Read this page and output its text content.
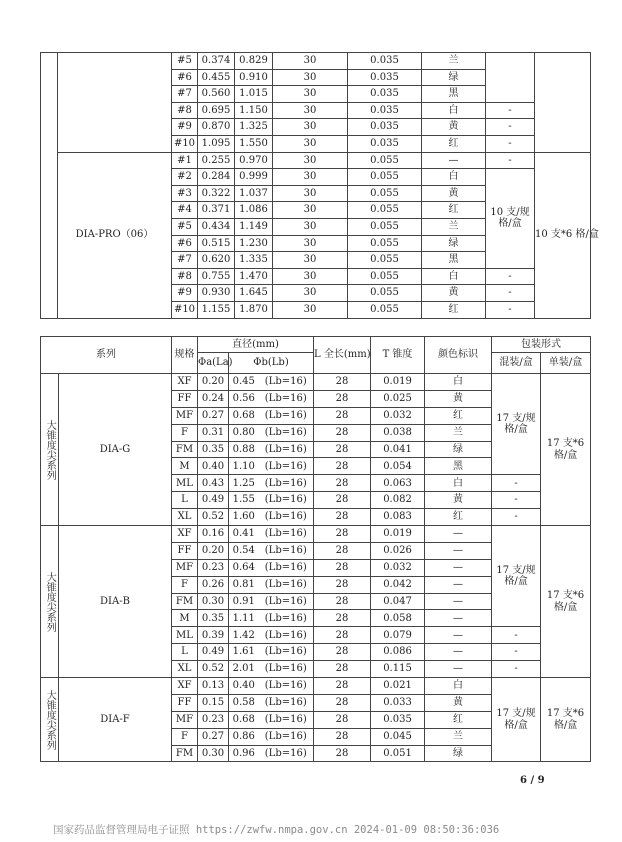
		#5	0.374	0.829	30	0.035	兰		
		#6	0.455	0.910	30	0.035	绿		
		#7	0.560	1.015	30	0.035	黑		
		#8	0.695	1.150	30	0.035	白	-	
		#9	0.870	1.325	30	0.035	黄	-	
		#10	1.095	1.550	30	0.035	红	-	
	DIA-PRO（06）	#1	0.255	0.970	30	0.055	—	-	10 支*6 格/盒
		#2	0.284	0.999	30	0.055	白	10 支/规格/盒	
		#3	0.322	1.037	30	0.055	黄		
		#4	0.371	1.086	30	0.055	红		
		#5	0.434	1.149	30	0.055	兰		
		#6	0.515	1.230	30	0.055	绿		
		#7	0.620	1.335	30	0.055	黑		
		#8	0.755	1.470	30	0.055	白	-	
		#9	0.930	1.645	30	0.055	黄	-	
		#10	1.155	1.870	30	0.055	红	-	
系列		规格	直径(mm)			L 全长(mm)	T 锥度	颜色标识	包装形式	
			Φa(La)	Φb(Lb)					混装/盒	单装/盒
大锥度尖系列	DIA-G	XF	0.20	0.45	(Lb=16)	28	0.019	白	17 支/规格/盒	17 支*6 格/盒
		FF	0.24	0.56	(Lb=16)	28	0.025	黄		
		MF	0.27	0.68	(Lb=16)	28	0.032	红		
		F	0.31	0.80	(Lb=16)	28	0.038	兰		
		FM	0.35	0.88	(Lb=16)	28	0.041	绿		
		M	0.40	1.10	(Lb=16)	28	0.054	黑		
		ML	0.43	1.25	(Lb=16)	28	0.063	白	-	
		L	0.49	1.55	(Lb=16)	28	0.082	黄	-	
		XL	0.52	1.60	(Lb=16)	28	0.083	红	-	
大锥度尖系列	DIA-B	XF	0.16	0.41	(Lb=16)	28	0.019	—	17 支/规格/盒	17 支*6 格/盒
		FF	0.20	0.54	(Lb=16)	28	0.026	—		
		MF	0.23	0.64	(Lb=16)	28	0.032	—		
		F	0.26	0.81	(Lb=16)	28	0.042	—		
		FM	0.30	0.91	(Lb=16)	28	0.047	—		
		M	0.35	1.11	(Lb=16)	28	0.058	—		
		ML	0.39	1.42	(Lb=16)	28	0.079	—	-	
		L	0.49	1.61	(Lb=16)	28	0.086	—	-	
		XL	0.52	2.01	(Lb=16)	28	0.115	—	-	
大锥度尖系列	DIA-F	XF	0.13	0.40	(Lb=16)	28	0.021	白	17 支/规格/盒	17 支*6 格/盒
		FF	0.15	0.58	(Lb=16)	28	0.033	黄		
		MF	0.23	0.68	(Lb=16)	28	0.035	红		
		F	0.27	0.86	(Lb=16)	28	0.045	兰		
		FM	0.30	0.96	(Lb=16)	28	0.051	绿		
6 / 9
国家药品监督管理局电子证照 https://zwfw.nmpa.gov.cn 2024-01-09 08:50:36:036
